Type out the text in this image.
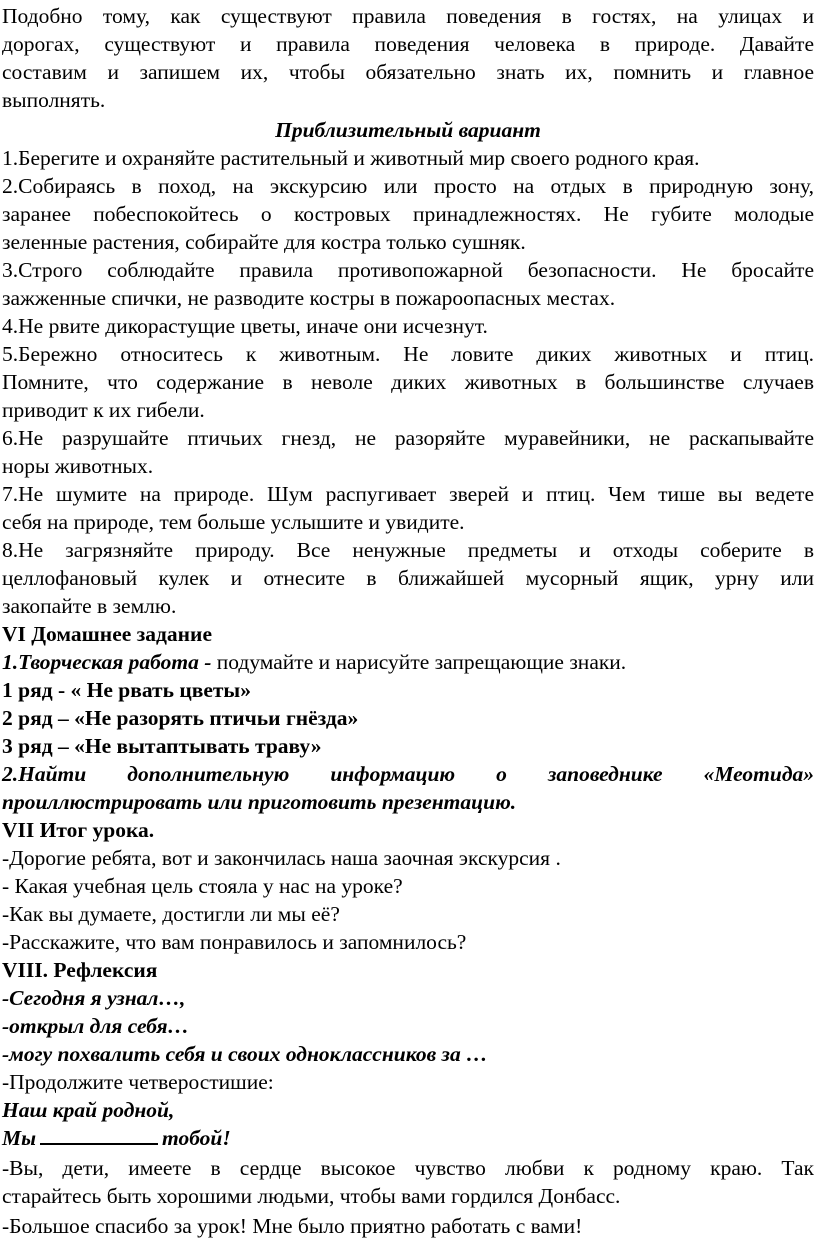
Подобно тому, как существуют правила поведения в гостях, на улицах и
дорогах, существуют и правила поведения человека в природе. Давайте
составим и запишем их, чтобы обязательно знать их, помнить и главное
выполнять.
Приблизительный вариант
1.Берегите и охраняйте растительный и животный мир своего родного края.
2.Собираясь в поход, на экскурсию или просто на отдых в природную зону,
заранее побеспокойтесь о костровых принадлежностях. Не губите молодые
зеленные растения, собирайте для костра только сушняк.
3.Строго соблюдайте правила противопожарной безопасности. Не бросайте
зажженные спички, не разводите костры в пожароопасных местах.
4.Не рвите дикорастущие цветы, иначе они исчезнут.
5.Бережно относитесь к животным. Не ловите диких животных и птиц.
Помните, что содержание в неволе диких животных в большинстве случаев
приводит к их гибели.
6.Не разрушайте птичьих гнезд, не разоряйте муравейники, не раскапывайте
норы животных.
7.Не шумите на природе. Шум распугивает зверей и птиц. Чем тише вы ведете
себя на природе, тем больше услышите и увидите.
8.Не загрязняйте природу. Все ненужные предметы и отходы соберите в
целлофановый кулек и отнесите в ближайшей мусорный ящик, урну или
закопайте в землю.
VI Домашнее задание
1.Творческая работа - подумайте и нарисуйте запрещающие знаки.
1 ряд - « Не рвать цветы»
2 ряд – «Не разорять птичьи гнёзда»
3 ряд – «Не вытаптывать траву»
2.Найти дополнительную информацию о заповеднике «Меотида»
проиллюстрировать или приготовить презентацию.
VII Итог урока.
-Дорогие ребята, вот и закончилась наша заочная экскурсия .
- Какая учебная цель стояла у нас на уроке?
-Как вы думаете, достигли ли мы её?
-Расскажите, что вам понравилось и запомнилось?
VIII. Рефлексия
-Сегодня я узнал…,
-открыл для себя…
-могу похвалить себя и своих одноклассников за …
-Продолжите четверостишие:
Наш край родной,
Мы	тобой!
-Вы, дети, имеете в сердце высокое чувство любви к родному краю. Так
старайтесь быть хорошими людьми, чтобы вами гордился Донбасс.
-Большое спасибо за урок! Мне было приятно работать с вами!
